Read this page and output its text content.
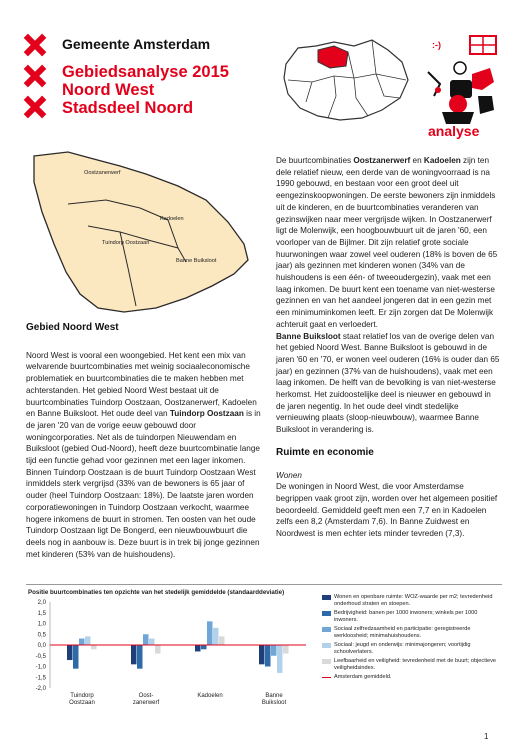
Gemeente Amsterdam
Gebiedsanalyse 2015
Noord West
Stadsdeel Noord
:-)
analyse
Oostzanerwerf
Kadoelen
Tuindorp Oostzaan
Banne Buiksloot

Gebied Noord West

Noord West is vooral een woongebied. Het kent een mix van welvarende buurtcombinaties met weinig sociaaleconomische problematiek en buurtcombinaties die te maken hebben met achterstanden. Het gebied Noord West bestaat uit de buurtcombinaties Tuindorp Oostzaan, Oostzanerwerf, Kadoelen en Banne Buiksloot. Het oude deel van Tuindorp Oostzaan is in de jaren '20 van de vorige eeuw gebouwd door woningcorporaties. Net als de tuindorpen Nieuwendam en Buiksloot (gebied Oud-Noord), heeft deze buurtcombinatie lange tijd een functie gehad voor gezinnen met een lager inkomen. Binnen Tuindorp Oostzaan is de buurt Tuindorp Oostzaan West inmiddels sterk vergrijsd (33% van de bewoners is 65 jaar of ouder (heel Tuindorp Oostzaan: 18%). De laatste jaren worden corporatiewoningen in Tuindorp Oostzaan verkocht, waarmee hogere inkomens de buurt in stromen. Ten oosten van het oude Tuindorp Oostzaan ligt De Bongerd, een nieuwbouwbuurt die deels nog in aanbouw is. Deze buurt is in trek bij jonge gezinnen met kinderen (53% van de huishoudens).

De buurtcombinaties Oostzanerwerf en Kadoelen zijn ten dele relatief nieuw, een derde van de woningvoorraad is na 1990 gebouwd, en bestaan voor een groot deel uit eengezinskoopwoningen. De eerste bewoners zijn inmiddels uit de kinderen, en de buurtcombinaties veranderen van gezinswijken naar meer vergrijsde wijken. In Oostzanerwerf ligt de Molenwijk, een hoogbouwbuurt uit de jaren '60, een voorloper van de Bijlmer. Dit zijn relatief grote sociale huurwoningen waar zowel veel ouderen (18% is boven de 65 jaar) als gezinnen met kinderen wonen (34% van de huishoudens is een één- of tweeoudergezin), vaak met een laag inkomen. De buurt kent een toename van niet-westerse gezinnen en van het aandeel jongeren dat in een gezin met een minimuminkomen leeft. Er zijn zorgen dat De Molenwijk achteruit gaat en verloedert.

Banne Buiksloot staat relatief los van de overige delen van het gebied Noord West. Banne Buiksloot is gebouwd in de jaren '60 en '70, er wonen veel ouderen (16% is ouder dan 65 jaar) en gezinnen (37% van de huishoudens), vaak met een laag inkomen. De helft van de bevolking is van niet-westerse herkomst. Het zuidoostelijke deel is nieuwer en gebouwd in de jaren negentig. In het oude deel vindt stedelijke vernieuwing plaats (sloop-nieuwbouw), waarmee Banne Buiksloot in verandering is.

Ruimte en economie

Wonen

De woningen in Noord West, die voor Amsterdamse begrippen vaak groot zijn, worden over het algemeen positief beoordeeld. Gemiddeld geeft men een 7,7 en in Kadoelen zelfs een 8,2 (Amsterdam 7,6). In Banne Zuidwest en Noordwest is men echter iets minder tevreden (7,3).

Positie buurtcombinaties ten opzichte van het stedelijk gemiddelde (standaarddeviatie)
2,0
1,5
1,0
0,5
0,0
-0,5
-1,0
-1,5
-2,0
Tuindorp Oostzaan
Oost-zanerwerf
Kadoelen	Banne Buiksloot
Wonen en openbare ruimte: WOZ-waarde per m2; tevredenheid onderhoud straten en stoepen.
Bedrijvigheid: banen per 1000 inwoners; winkels per 1000 inwoners.
Sociaal zelfredzaamheid en participatie: geregistreerde werkloosheid; minimahuishoudens.
Sociaal: jeugd en onderwijs: minimajongeren; voortijdig schoolverlaters.
Leefbaarheid en veiligheid: tevredenheid met de buurt; objectieve veiligheidsindex.
Amsterdam gemiddeld.
1
